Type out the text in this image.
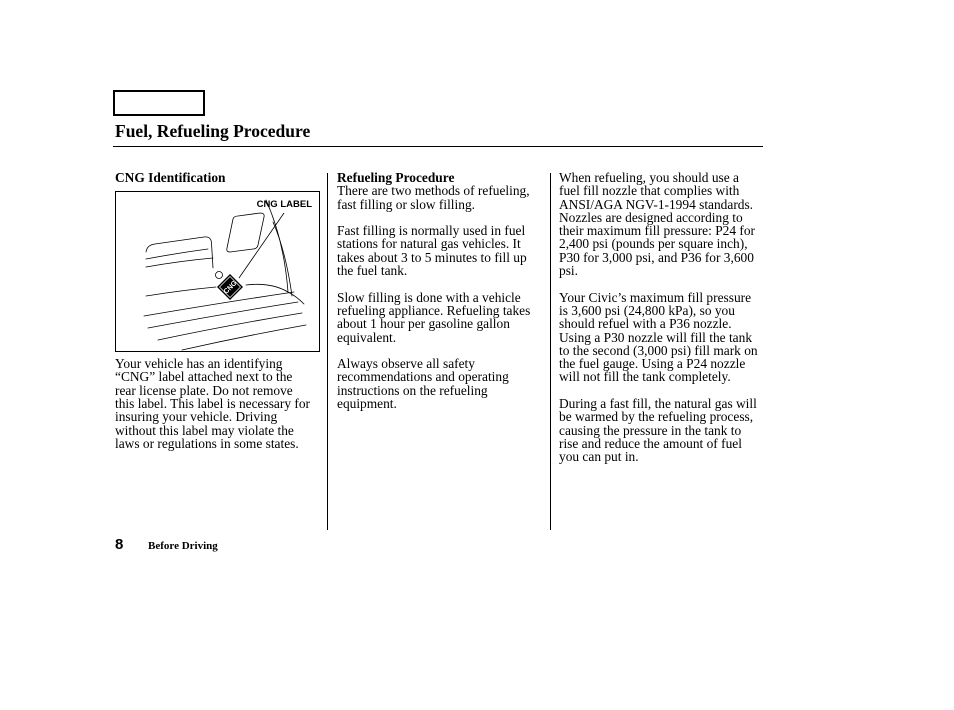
Fuel, Refueling Procedure
CNG Identification
CNG
CNG LABEL

Your vehicle has an identifying
“CNG” label attached next to the
rear license plate. Do not remove
this label. This label is necessary for
insuring your vehicle. Driving
without this label may violate the
laws or regulations in some states.

Refueling Procedure

There are two methods of refueling,
fast filling or slow filling.

Fast filling is normally used in fuel
stations for natural gas vehicles. It
takes about 3 to 5 minutes to fill up
the fuel tank.

Slow filling is done with a vehicle
refueling appliance. Refueling takes
about 1 hour per gasoline gallon
equivalent.

Always observe all safety
recommendations and operating
instructions on the refueling
equipment.

When refueling, you should use a
fuel fill nozzle that complies with
ANSI/AGA NGV-1-1994 standards.
Nozzles are designed according to
their maximum fill pressure: P24 for
2,400 psi (pounds per square inch),
P30 for 3,000 psi, and P36 for 3,600
psi.

Your Civic’s maximum fill pressure
is 3,600 psi (24,800 kPa), so you
should refuel with a P36 nozzle.
Using a P30 nozzle will fill the tank
to the second (3,000 psi) fill mark on
the fuel gauge. Using a P24 nozzle
will not fill the tank completely.

During a fast fill, the natural gas will
be warmed by the refueling process,
causing the pressure in the tank to
rise and reduce the amount of fuel
you can put in.

8 Before Driving
